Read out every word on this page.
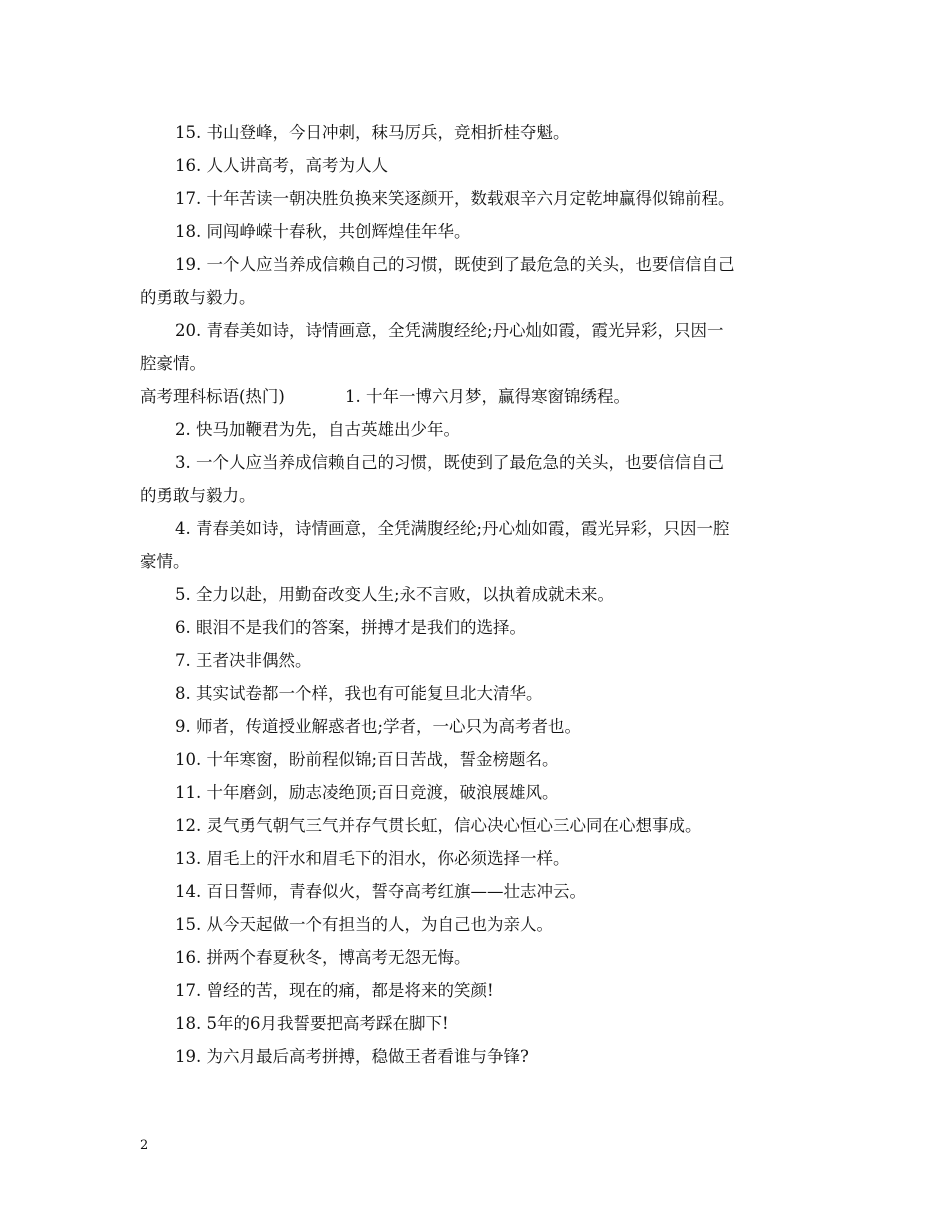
15. 书山登峰，今日冲刺，秣马厉兵，竞相折桂夺魁。
16. 人人讲高考，高考为人人
17. 十年苦读一朝决胜负换来笑逐颜开，数载艰辛六月定乾坤赢得似锦前程。
18. 同闯峥嵘十春秋，共创辉煌佳年华。
19. 一个人应当养成信赖自己的习惯，既使到了最危急的关头，也要信信自己
的勇敢与毅力。
20. 青春美如诗，诗情画意，全凭满腹经纶;丹心灿如霞，霞光异彩，只因一
腔豪情。
高考理科标语(热门)	1. 十年一博六月梦，赢得寒窗锦绣程。
2. 快马加鞭君为先，自古英雄出少年。
3. 一个人应当养成信赖自己的习惯，既使到了最危急的关头，也要信信自己
的勇敢与毅力。
4. 青春美如诗，诗情画意，全凭满腹经纶;丹心灿如霞，霞光异彩，只因一腔
豪情。
5. 全力以赴，用勤奋改变人生;永不言败，以执着成就未来。
6. 眼泪不是我们的答案，拼搏才是我们的选择。
7. 王者决非偶然。
8. 其实试卷都一个样，我也有可能复旦北大清华。
9. 师者，传道授业解惑者也;学者，一心只为高考者也。
10. 十年寒窗，盼前程似锦;百日苦战，誓金榜题名。
11. 十年磨剑，励志凌绝顶;百日竞渡，破浪展雄风。
12. 灵气勇气朝气三气并存气贯长虹，信心决心恒心三心同在心想事成。
13. 眉毛上的汗水和眉毛下的泪水，你必须选择一样。
14. 百日誓师，青春似火，誓夺高考红旗——壮志冲云。
15. 从今天起做一个有担当的人，为自己也为亲人。
16. 拼两个春夏秋冬，博高考无怨无悔。
17. 曾经的苦，现在的痛，都是将来的笑颜!
18. 5年的6月我誓要把高考踩在脚下!
19. 为六月最后高考拼搏，稳做王者看谁与争锋?
2
